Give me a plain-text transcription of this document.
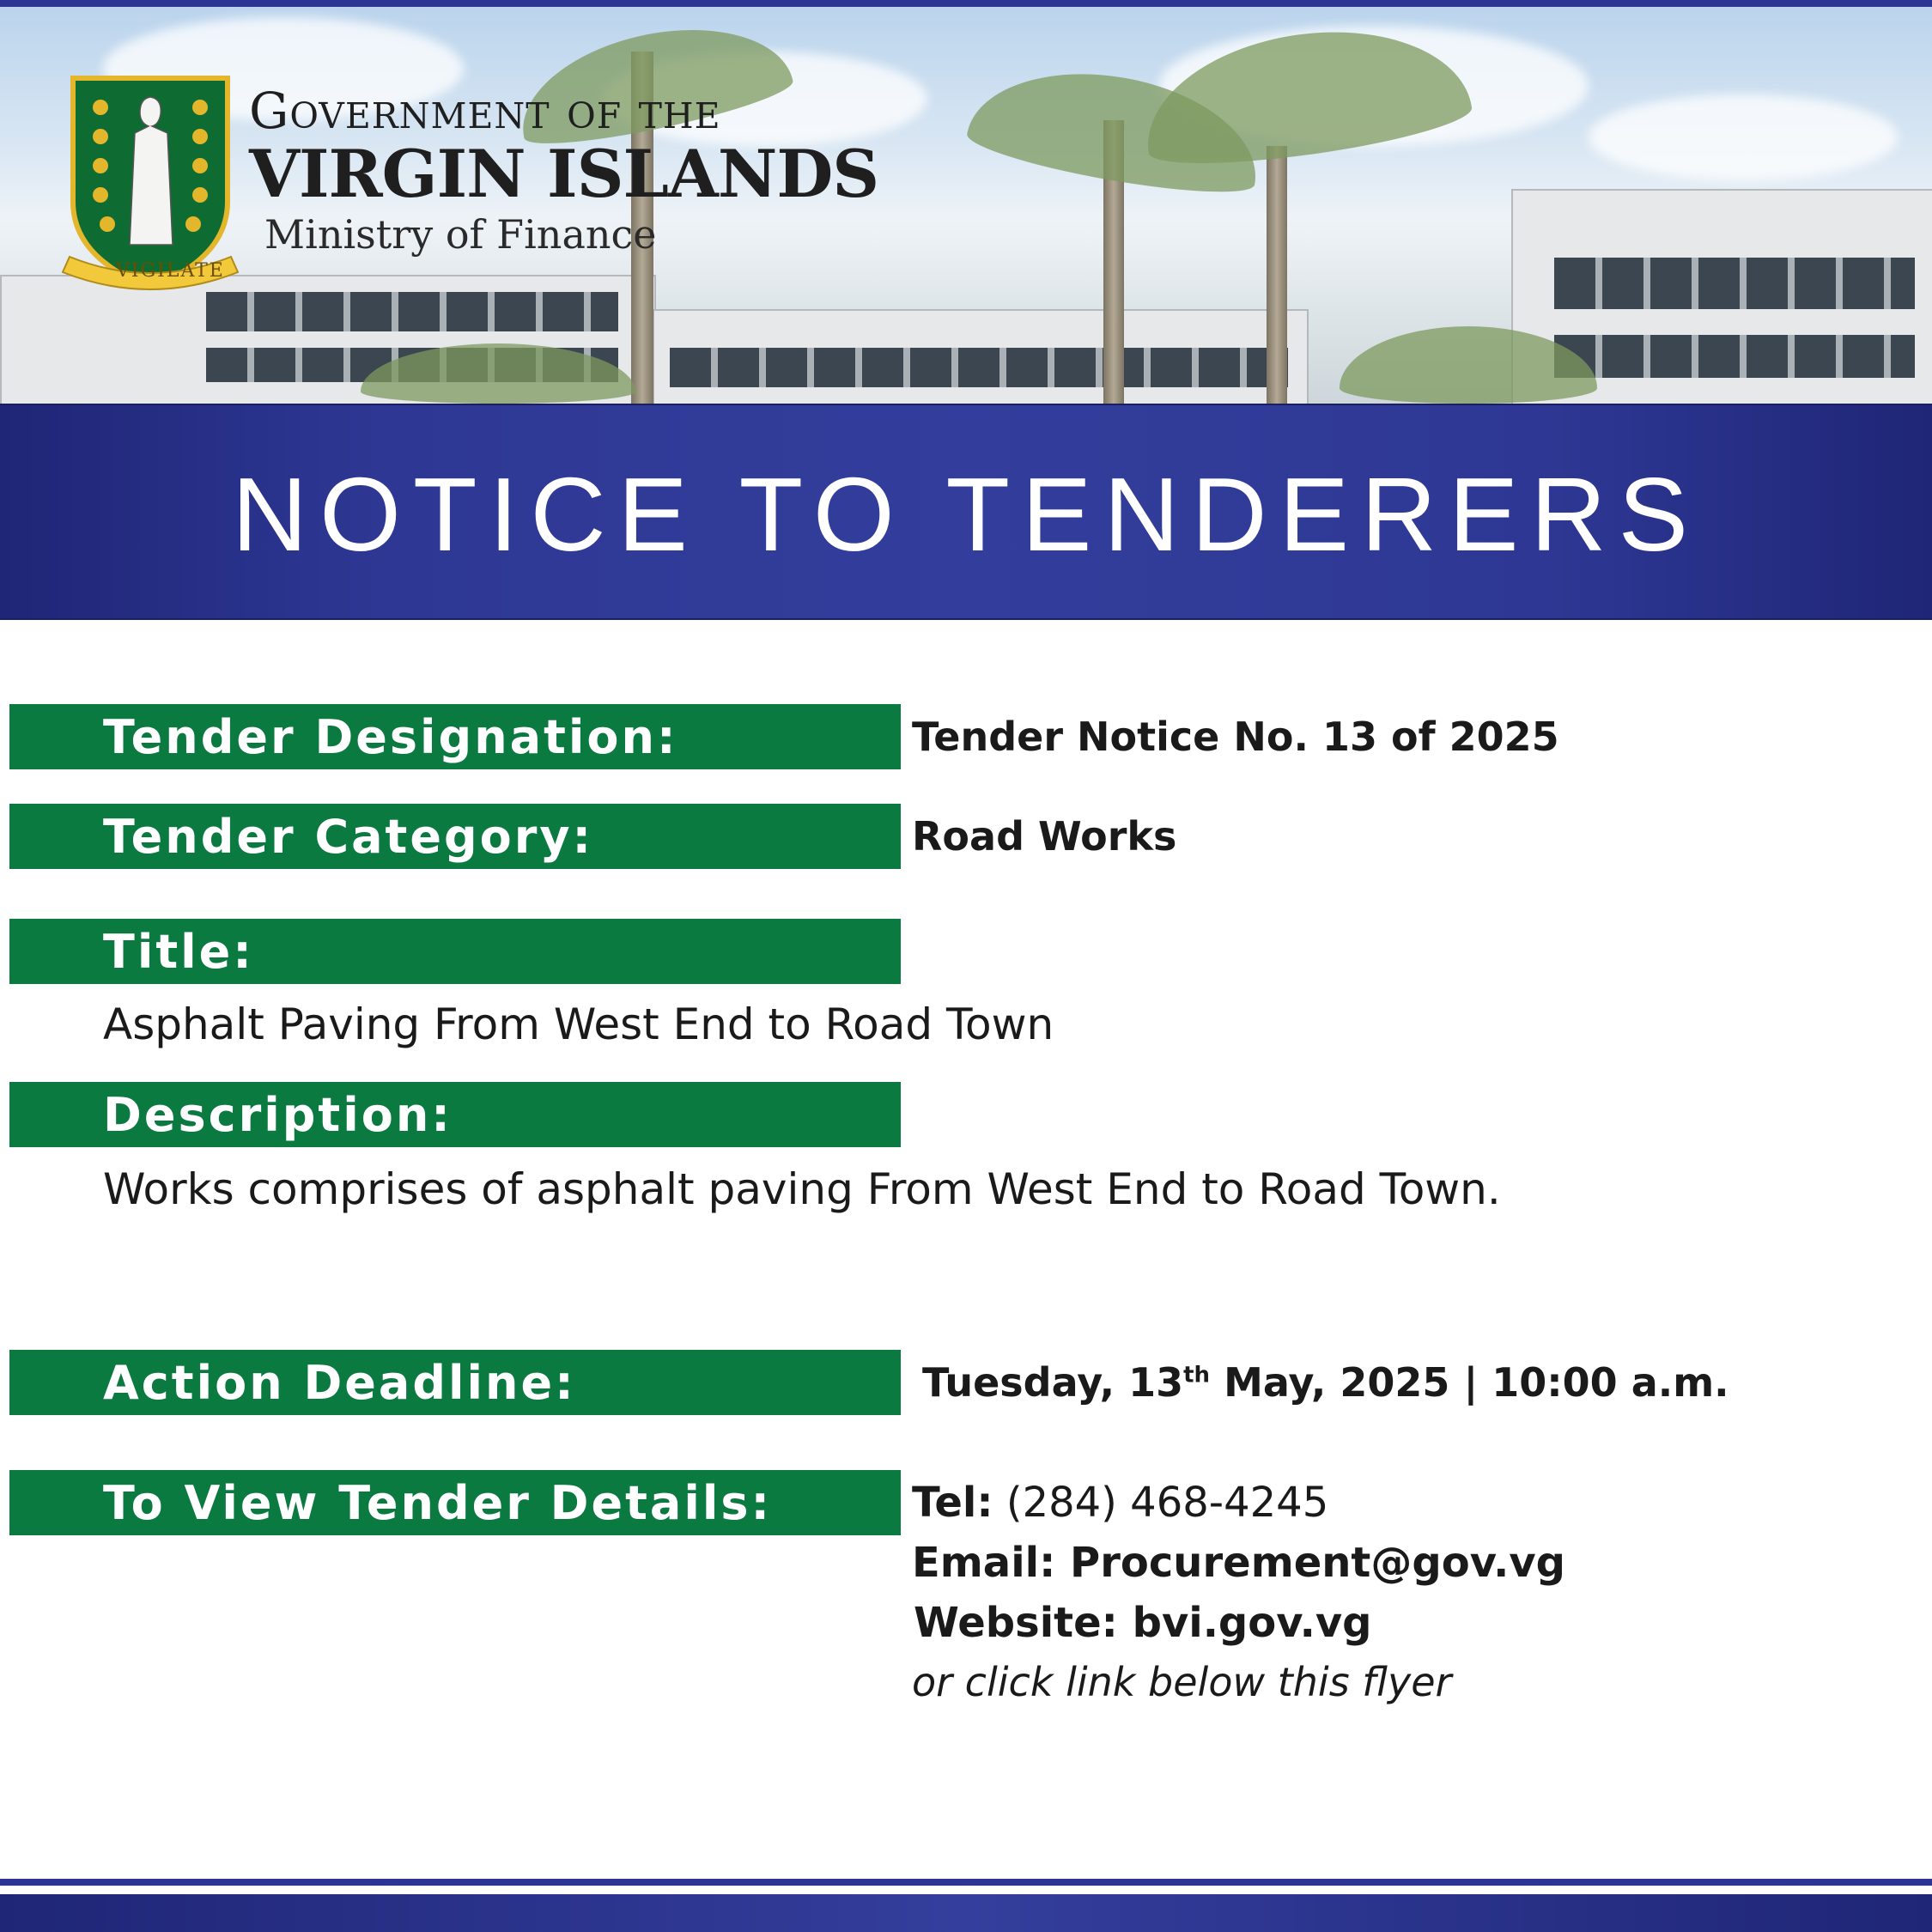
VIGILATE
Government of the
VIRGIN ISLANDS
Ministry of Finance
NOTICE TO TENDERERS
Tender Designation:	Tender Notice No. 13 of 2025
Tender Category:	Road Works
Title:
Asphalt Paving From West End to Road Town
Description:
Works comprises of asphalt paving From West End to Road Town.
Action Deadline:	Tuesday, 13th May, 2025 | 10:00 a.m.
To View Tender Details:	Tel: (284) 468-4245
Email: Procurement@gov.vg
Website: bvi.gov.vg
or click link below this flyer
